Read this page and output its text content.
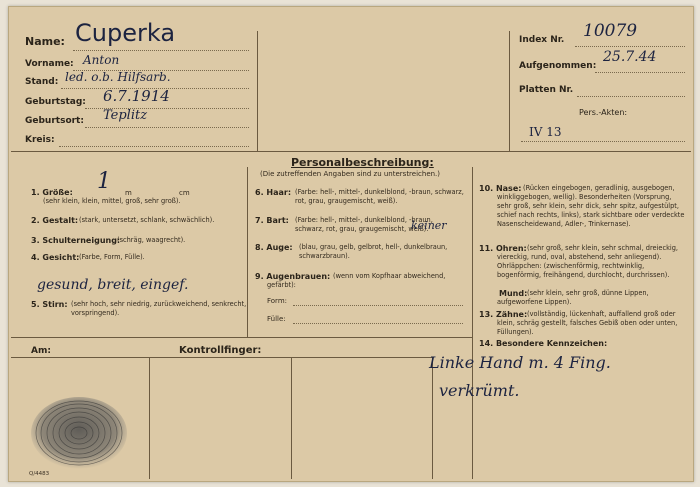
Name: Cuperka
Vorname: Anton
Stand: led. o.b. Hilfsarb.
Geburtstag: 6.7.1914
Geburtsort: Teplitz
Kreis:
Index Nr. 10079
Aufgenommen:
25.7.44
Platten Nr.
Pers.-Akten:
IV 13
Personalbeschreibung:
(Die zutreffenden Angaben sind zu unterstreichen.)
1. Größe: 1 m	cm
(sehr klein, klein, mittel, groß, sehr groß).
2. Gestalt: (stark, untersetzt, schlank, schwächlich).
3. Schulterneigung:
(schräg, waagrecht).
4. Gesicht: (Farbe, Form, Fülle).
gesund, breit, eingef.
5. Stirn: (sehr hoch, sehr niedrig, zurückweichend, senkrecht, vorspringend).
6. Haar: (Farbe: hell-, mittel-, dunkelblond, -braun, schwarz, rot, grau, graugemischt, weiß).
7. Bart: (Farbe: hell-, mittel-, dunkelblond, -braun, schwarz, rot, grau, graugemischt, weiß).
keiner
8. Auge: (blau, grau, gelb, gelbrot, hell-, dunkelbraun, schwarzbraun).
9. Augenbrauen: (wenn vom Kopfhaar abweichend, gefärbt):
Form:
Fülle:
10. Nase: (Rücken eingebogen, geradlinig, ausgebogen, winkliggebogen, wellig). Besonderheiten (Vorsprung, sehr groß, sehr klein, sehr dick, sehr spitz, aufgestülpt, schief nach rechts, links), stark sichtbare oder verdeckte Nasenscheidewand, Adler-, Trinkernase).
11. Ohren: (sehr groß, sehr klein, sehr schmal, dreieckig, viereckig, rund, oval, abstehend, sehr anliegend). Ohrläppchen: (zwischenförmig, rechtwinklig, bogenförmig, freihängend, durchlocht, durchrissen).
Mund: (sehr klein, sehr groß, dünne Lippen, aufgeworfene Lippen).
13. Zähne: (vollständig, lückenhaft, auffallend groß oder klein, schräg gestellt, falsches Gebiß oben oder unten, Füllungen).
14. Besondere Kennzeichen:
Am:	Kontrollfinger:
Linke Hand m. 4 Fing.
verkrümt.
Q/4483
